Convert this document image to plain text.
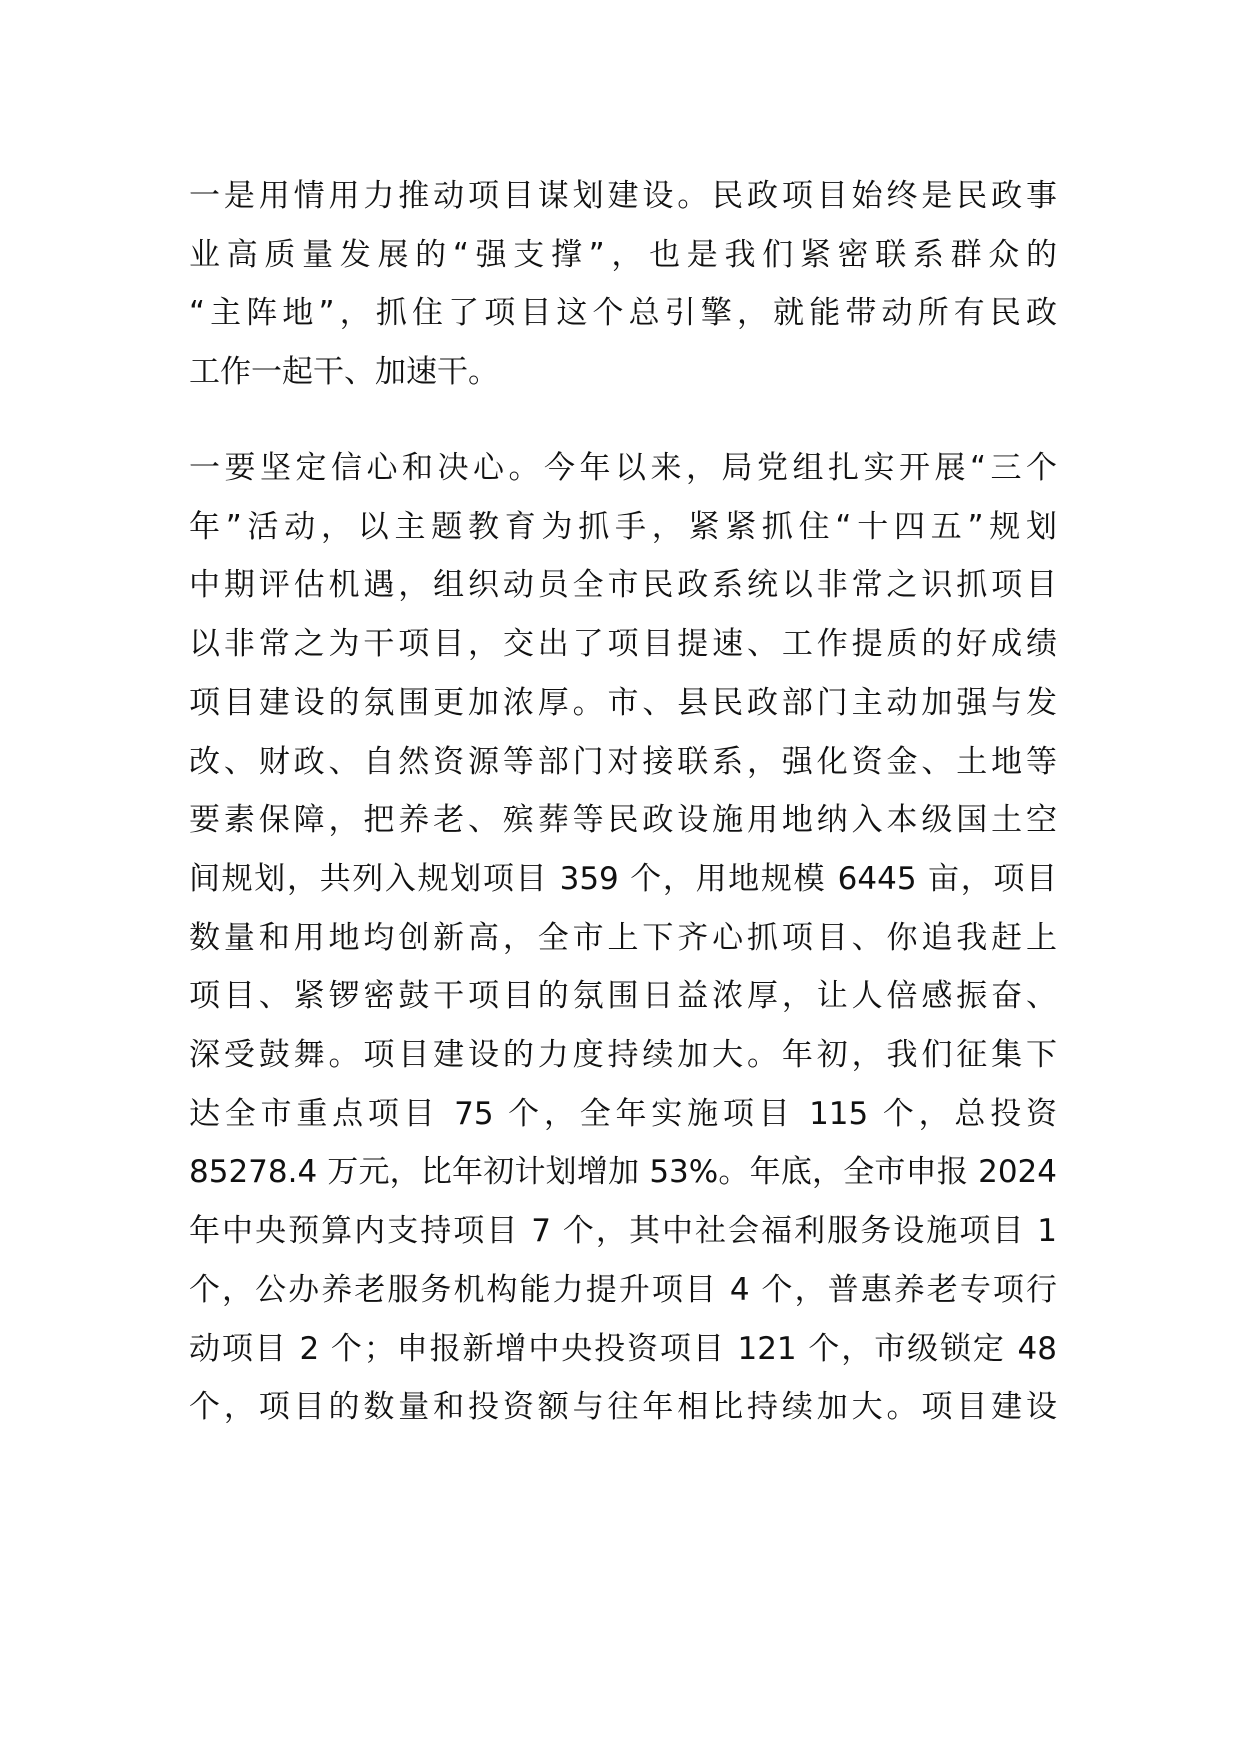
一是用情用力推动项目谋划建设。民政项目始终是民政事
业高质量发展的“强支撑”，也是我们紧密联系群众的
“主阵地”，抓住了项目这个总引擎，就能带动所有民政
工作一起干、加速干。
一要坚定信心和决心。今年以来，局党组扎实开展“三个
年”活动，以主题教育为抓手，紧紧抓住“十四五”规划
中期评估机遇，组织动员全市民政系统以非常之识抓项目
以非常之为干项目，交出了项目提速、工作提质的好成绩
项目建设的氛围更加浓厚。市、县民政部门主动加强与发
改、财政、自然资源等部门对接联系，强化资金、土地等
要素保障，把养老、殡葬等民政设施用地纳入本级国土空
间规划，共列入规划项目 359 个，用地规模 6445 亩，项目
数量和用地均创新高，全市上下齐心抓项目、你追我赶上
项目、紧锣密鼓干项目的氛围日益浓厚，让人倍感振奋、
深受鼓舞。项目建设的力度持续加大。年初，我们征集下
达全市重点项目 75 个，全年实施项目 115 个，总投资
85278.4 万元，比年初计划增加 53%。年底，全市申报 2024
年中央预算内支持项目 7 个，其中社会福利服务设施项目 1
个，公办养老服务机构能力提升项目 4 个，普惠养老专项行
动项目 2 个；申报新增中央投资项目 121 个，市级锁定 48
个，项目的数量和投资额与往年相比持续加大。项目建设
